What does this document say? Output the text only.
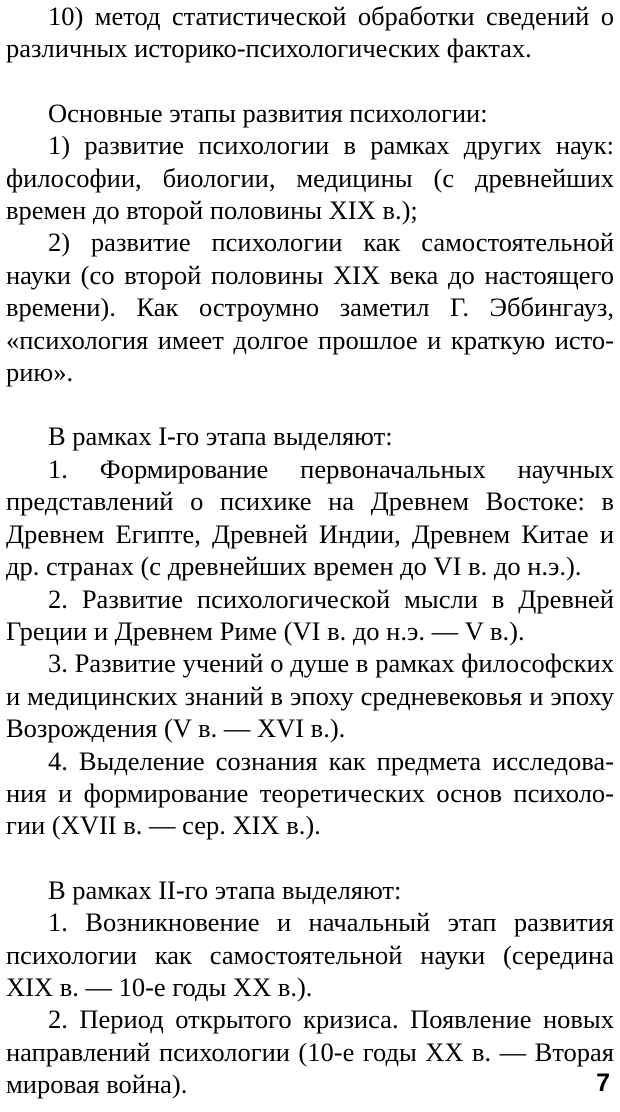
10) метод статистической обработки сведений о различных историко-психологических фактах.

Основные этапы развития психологии:

1) развитие психологии в рамках других наук: философии, биологии, медицины (с древнейших времен до второй половины XIX в.);

2) развитие психологии как самостоятельной науки (со второй половины XIX века до настоящего времени). Как остроумно заметил Г. Эббингауз, «психология имеет долгое прошлое и краткую историю».

В рамках I-го этапа выделяют:

1. Формирование первоначальных научных представлений о психике на Древнем Востоке: в Древнем Египте, Древней Индии, Древнем Китае и др. странах (с древнейших времен до VI в. до н.э.).

2. Развитие психологической мысли в Древней Греции и Древнем Риме (VI в. до н.э. — V в.).

3. Развитие учений о душе в рамках философских и медицинских знаний в эпоху средневековья и эпоху Возрождения (V в. — XVI в.).

4. Выделение сознания как предмета исследования и формирование теоретических основ психологии (XVII в. — сер. XIX в.).

В рамках II-го этапа выделяют:

1. Возникновение и начальный этап развития психологии как самостоятельной науки (середина XIX в. — 10-е годы XX в.).

2. Период открытого кризиса. Появление новых направлений психологии (10-е годы XX в. — Вторая мировая война).	7
